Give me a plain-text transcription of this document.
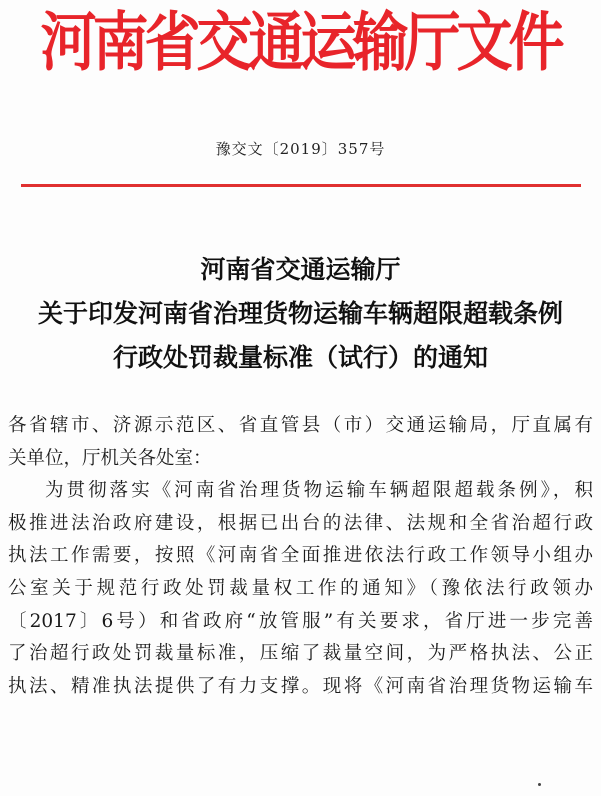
河南省交通运输厅文件
豫交文〔2019〕357号
河南省交通运输厅
关于印发河南省治理货物运输车辆超限超载条例
行政处罚裁量标准（试行）的通知
各省辖市、济源示范区、省直管县（市）交通运输局，厅直属有
关单位，厅机关各处室：
为贯彻落实《河南省治理货物运输车辆超限超载条例》，积
极推进法治政府建设，根据已出台的法律、法规和全省治超行政
执法工作需要，按照《河南省全面推进依法行政工作领导小组办
公室关于规范行政处罚裁量权工作的通知》（豫依法行政领办
〔2017〕6号）和省政府“放管服”有关要求，省厅进一步完善
了治超行政处罚裁量标准，压缩了裁量空间，为严格执法、公正
执法、精准执法提供了有力支撑。现将《河南省治理货物运输车
